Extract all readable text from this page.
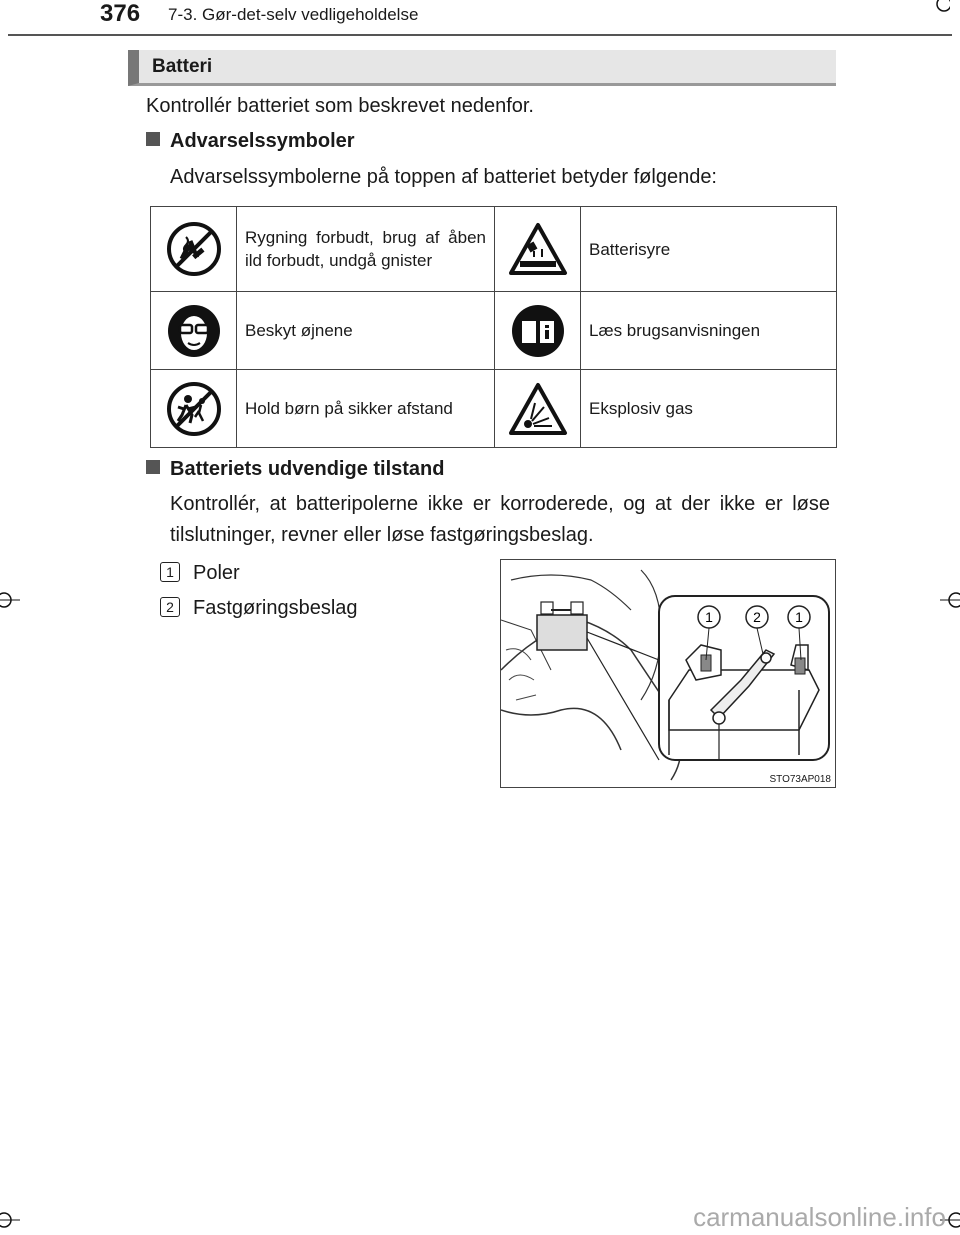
376 7-3. Gør-det-selv vedligeholdelse
Batteri
Kontrollér batteriet som beskrevet nedenfor.
Advarselssymboler
Advarselssymbolerne på toppen af batteriet betyder følgende:
	Rygning forbudt, brug af åben ild forbudt, undgå gnister		Batterisyre

	Beskyt øjnene		Læs brugsanvisningen

	Hold børn på sikker afstand		Eksplosiv gas
Batteriets udvendige tilstand
Kontrollér, at batteripolerne ikke er korroderede, og at der ikke er løse tilslutninger, revner eller løse fastgøringsbeslag.
1 Poler
2 Fastgøringsbeslag	1	2 1
STO73AP018
carmanualsonline.info
